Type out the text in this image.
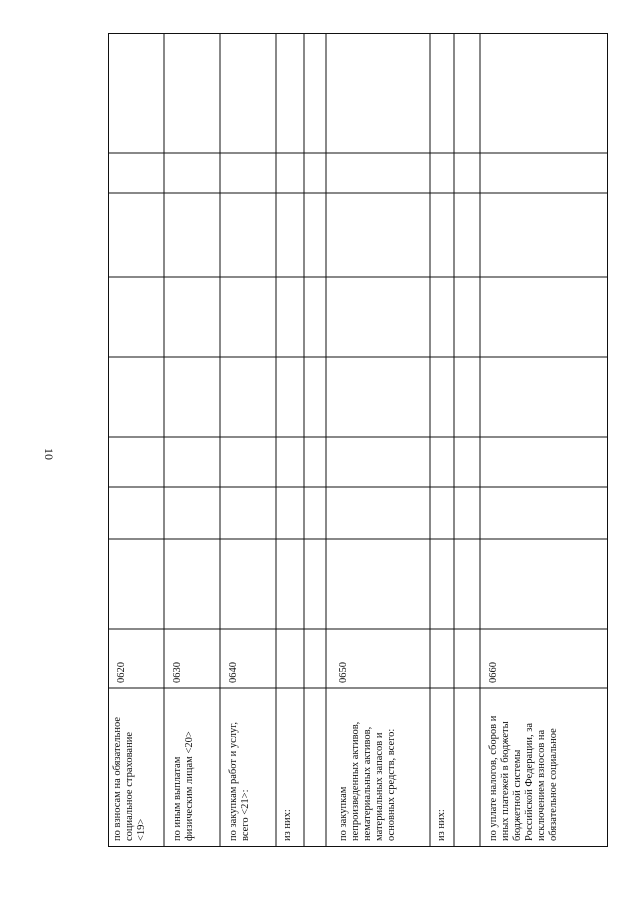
10
по взносам на обязательное социальное страхование <19>
0620
по иным выплатам физическим лицам <20>
0630
по закупкам работ и услуг, всего <21>:
0640
из них:	по закупкам непроизведенных активов, нематериальных активов, материальных запасов и основных средств, всего:
0650
из них:	по уплате налогов, сборов и иных платежей в бюджеты бюджетной системы Российской Федерации, за исключением взносов на обязательное социальное
0660
